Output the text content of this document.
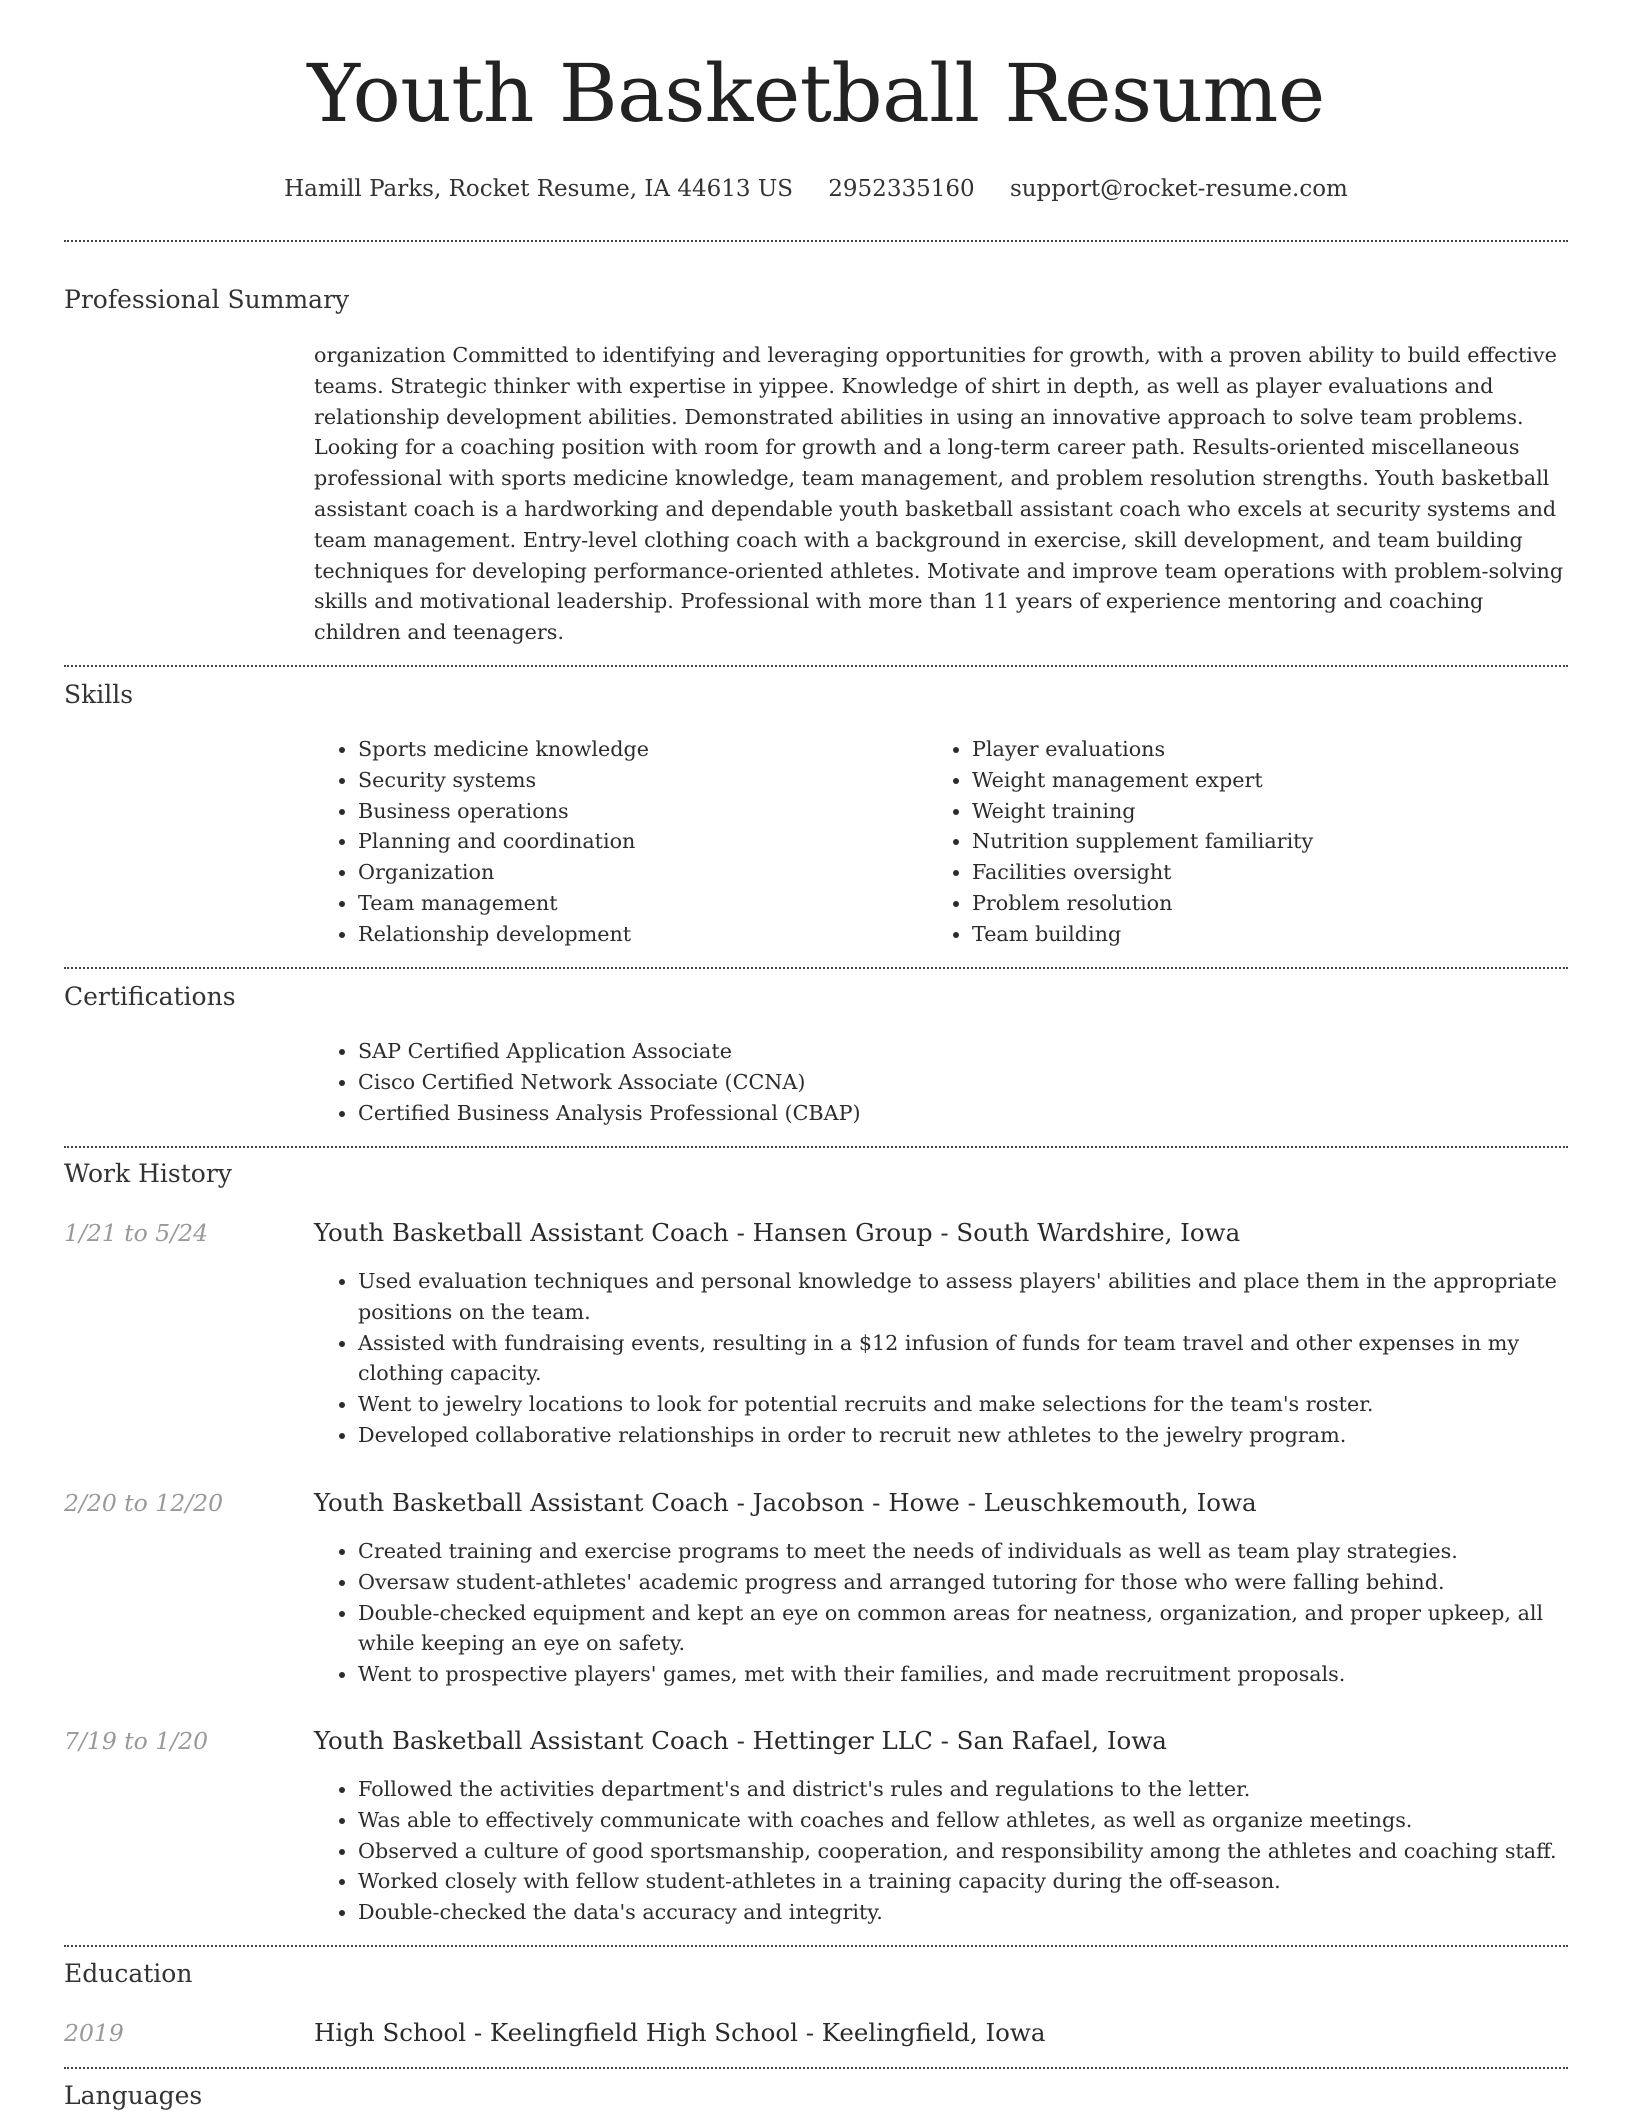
Youth Basketball Resume
Hamill Parks, Rocket Resume, IA 44613 US 2952335160 support@rocket-resume.com
Professional Summary

organization Committed to identifying and leveraging opportunities for growth, with a proven ability to build effective teams. Strategic thinker with expertise in yippee. Knowledge of shirt in depth, as well as player evaluations and relationship development abilities. Demonstrated abilities in using an innovative approach to solve team problems. Looking for a coaching position with room for growth and a long-term career path. Results-oriented miscellaneous professional with sports medicine knowledge, team management, and problem resolution strengths. Youth basketball assistant coach is a hardworking and dependable youth basketball assistant coach who excels at security systems and team management. Entry-level clothing coach with a background in exercise, skill development, and team building techniques for developing performance-oriented athletes. Motivate and improve team operations with problem-solving skills and motivational leadership. Professional with more than 11 years of experience mentoring and coaching children and teenagers.

Skills
• Sports medicine knowledge
• Security systems
• Business operations
• Planning and coordination
• Organization
• Team management
• Relationship development
• Player evaluations
• Weight management expert
• Weight training
• Nutrition supplement familiarity
• Facilities oversight
• Problem resolution
• Team building
Certifications
• SAP Certified Application Associate
• Cisco Certified Network Associate (CCNA)
• Certified Business Analysis Professional (CBAP)
Work History
1/21 to 5/24	Youth Basketball Assistant Coach - Hansen Group - South Wardshire, Iowa
• Used evaluation techniques and personal knowledge to assess players' abilities and place them in the appropriate positions on the team.
• Assisted with fundraising events, resulting in a $12 infusion of funds for team travel and other expenses in my clothing capacity.
• Went to jewelry locations to look for potential recruits and make selections for the team's roster.
• Developed collaborative relationships in order to recruit new athletes to the jewelry program.
2/20 to 12/20	Youth Basketball Assistant Coach - Jacobson - Howe - Leuschkemouth, Iowa
• Created training and exercise programs to meet the needs of individuals as well as team play strategies.
• Oversaw student-athletes' academic progress and arranged tutoring for those who were falling behind.
• Double-checked equipment and kept an eye on common areas for neatness, organization, and proper upkeep, all while keeping an eye on safety.
• Went to prospective players' games, met with their families, and made recruitment proposals.
7/19 to 1/20	Youth Basketball Assistant Coach - Hettinger LLC - San Rafael, Iowa
• Followed the activities department's and district's rules and regulations to the letter.
• Was able to effectively communicate with coaches and fellow athletes, as well as organize meetings.
• Observed a culture of good sportsmanship, cooperation, and responsibility among the athletes and coaching staff.
• Worked closely with fellow student-athletes in a training capacity during the off-season.
• Double-checked the data's accuracy and integrity.
Education
2019	High School - Keelingfield High School - Keelingfield, Iowa
Languages
